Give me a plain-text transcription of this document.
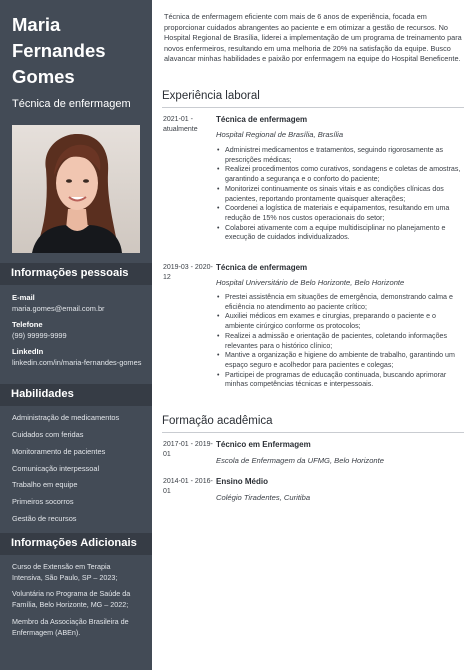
Maria
Fernandes
Gomes
Técnica de enfermagem
Informações pessoais
E-mail
maria.gomes@email.com.br
Telefone
(99) 99999-9999
LinkedIn
linkedin.com/in/maria-fernandes-gomes
Habilidades
Administração de medicamentos
Cuidados com feridas
Monitoramento de pacientes
Comunicação interpessoal
Trabalho em equipe
Primeiros socorros
Gestão de recursos
Informações Adicionais
Curso de Extensão em Terapia Intensiva, São Paulo, SP – 2023;
Voluntária no Programa de Saúde da Família, Belo Horizonte, MG – 2022;
Membro da Associação Brasileira de Enfermagem (ABEn).

Técnica de enfermagem eficiente com mais de 6 anos de experiência, focada em proporcionar cuidados abrangentes ao paciente e em otimizar a gestão de recursos. No Hospital Regional de Brasília, liderei a implementação de um programa de treinamento para novos enfermeiros, resultando em uma melhoria de 20% na satisfação da equipe. Busco alavancar minhas habilidades e paixão por enfermagem na equipe do Hospital Beneficente.

Experiência laboral
2021-01 - atualmente
Técnica de enfermagem
Hospital Regional de Brasília, Brasília
• Administrei medicamentos e tratamentos, seguindo rigorosamente as prescrições médicas;
• Realizei procedimentos como curativos, sondagens e coletas de amostras, garantindo a segurança e o conforto do paciente;
• Monitorizei continuamente os sinais vitais e as condições clínicas dos pacientes, reportando prontamente quaisquer alterações;
• Coordenei a logística de materiais e equipamentos, resultando em uma redução de 15% nos custos operacionais do setor;
• Colaborei ativamente com a equipe multidisciplinar no planejamento e execução de cuidados individualizados.
2019-03 - 2020-12
Técnica de enfermagem
Hospital Universitário de Belo Horizonte, Belo Horizonte
• Prestei assistência em situações de emergência, demonstrando calma e eficiência no atendimento ao paciente crítico;
• Auxiliei médicos em exames e cirurgias, preparando o paciente e o ambiente cirúrgico conforme os protocolos;
• Realizei a admissão e orientação de pacientes, coletando informações relevantes para o histórico clínico;
• Mantive a organização e higiene do ambiente de trabalho, garantindo um espaço seguro e acolhedor para pacientes e colegas;
• Participei de programas de educação continuada, buscando aprimorar minhas competências técnicas e interpessoais.
Formação acadêmica
2017-01 - 2019-01
Técnico em Enfermagem
Escola de Enfermagem da UFMG, Belo Horizonte
2014-01 - 2016-01
Ensino Médio
Colégio Tiradentes, Curitiba
